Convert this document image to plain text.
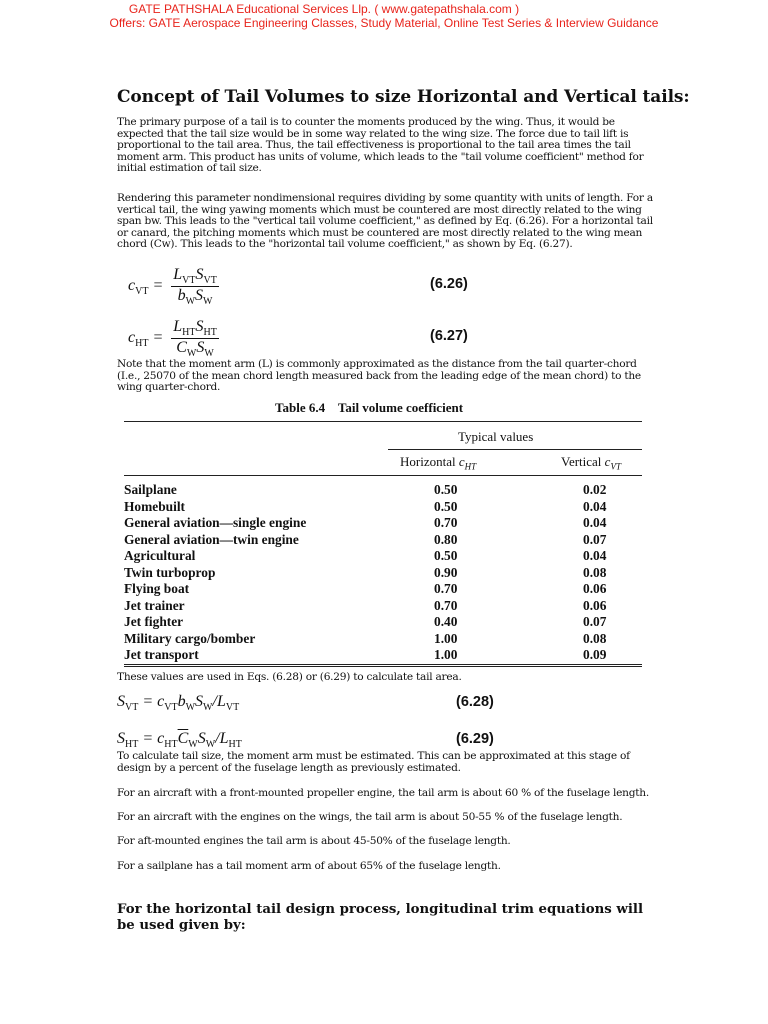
GATE PATHSHALA Educational Services Llp. ( www.gatepathshala.com )
Offers: GATE Aerospace Engineering Classes, Study Material, Online Test Series & Interview Guidance
Concept of Tail Volumes to size Horizontal and Vertical tails:
The primary purpose of a tail is to counter the moments produced by the wing. Thus, it would be expected that the tail size would be in some way related to the wing size. The force due to tail lift is proportional to the tail area. Thus, the tail effectiveness is proportional to the tail area times the tail moment arm. This product has units of volume, which leads to the "tail volume coefficient" method for initial estimation of tail size.
Rendering this parameter nondimensional requires dividing by some quantity with units of length. For a vertical tail, the wing yawing moments which must be countered are most directly related to the wing span bw. This leads to the "vertical tail volume coefficient," as defined by Eq. (6.26). For a horizontal tail or canard, the pitching moments which must be countered are most directly related to the wing mean chord (Cw). This leads to the "horizontal tail volume coefficient," as shown by Eq. (6.27).
$c_{VT} = \frac{L_{VT}S_{VT}}{b_WS_W}$	(6.26)
$c_{HT} = \frac{L_{HT}S_{HT}}{\overline{C}_WS_W}$	(6.27)
Note that the moment arm (L) is commonly approximated as the distance from the tail quarter-chord (I.e., 25070 of the mean chord length measured back from the leading edge of the mean chord) to the wing quarter-chord.
Table 6.4    Tail volume coefficient
Typical values
Horizontal $c_{HT}$	Vertical $c_{VT}$
Sailplane	0.50	0.02
Homebuilt	0.50	0.04
General aviation—single engine	0.70	0.04
General aviation—twin engine	0.80	0.07
Agricultural	0.50	0.04
Twin turboprop	0.90	0.08
Flying boat	0.70	0.06
Jet trainer	0.70	0.06
Jet fighter	0.40	0.07
Military cargo/bomber	1.00	0.08
Jet transport	1.00	0.09
These values are used in Eqs. (6.28) or (6.29) to calculate tail area.
$S_{VT} = c_{VT}b_WS_W/L_{VT}$	(6.28)
$S_{HT} = c_{HT}\overline{C}_WS_W/L_{HT}$	(6.29)
To calculate tail size, the moment arm must be estimated. This can be approximated at this stage of design by a percent of the fuselage length as previously estimated.
For an aircraft with a front-mounted propeller engine, the tail arm is about 60 % of the fuselage length.
For an aircraft with the engines on the wings, the tail arm is about 50-55 % of the fuselage length.
For aft-mounted engines the tail arm is about 45-50% of the fuselage length.
For a sailplane has a tail moment arm of about 65% of the fuselage length.
For the horizontal tail design process, longitudinal trim equations will be used given by:
